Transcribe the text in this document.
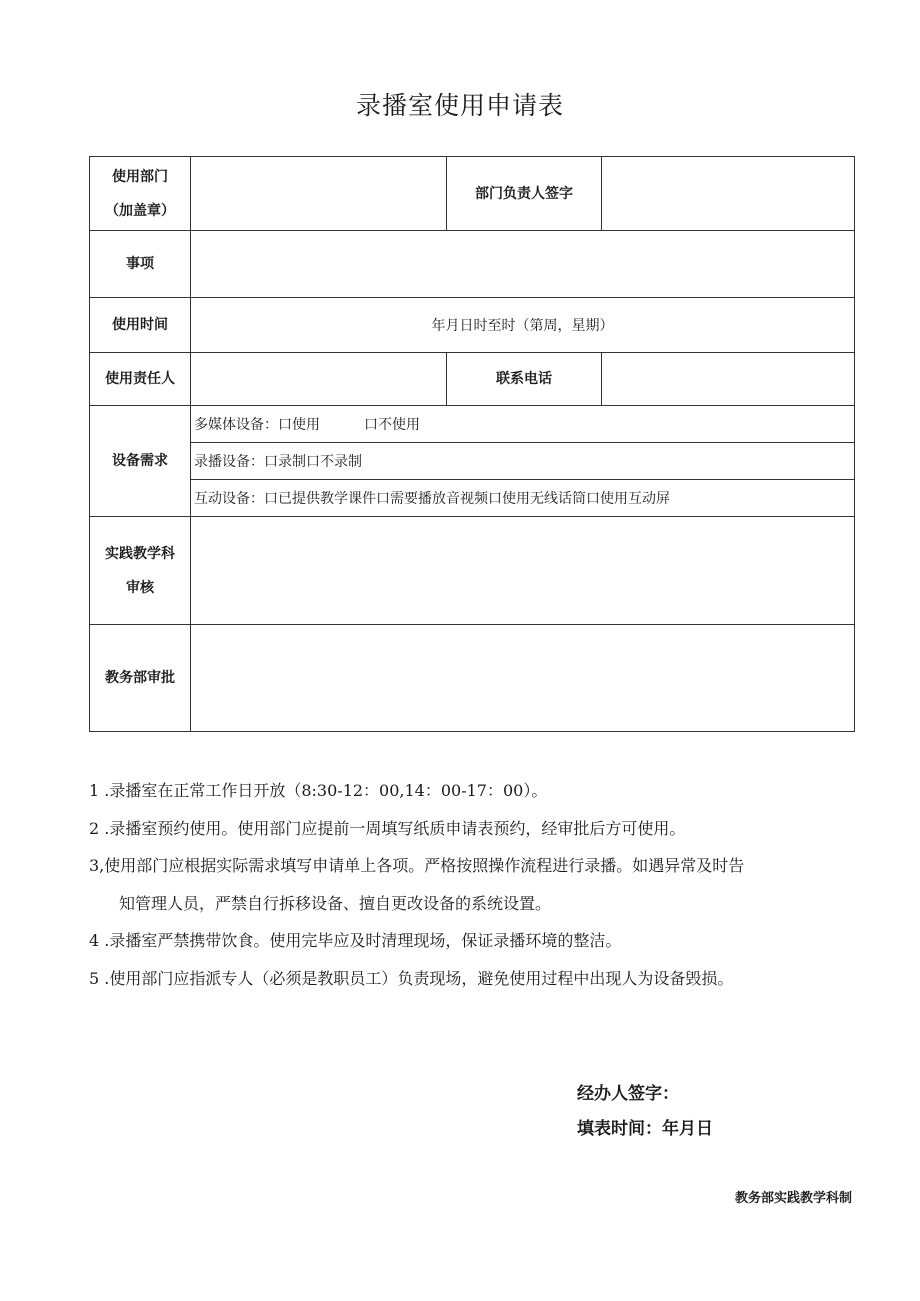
录播室使用申请表
使用部门
（加盖章）		部门负责人签字	
事项			
使用时间	年月日时至时（第周，星期）		
使用责任人		联系电话	
设备需求	多媒体设备：口使用 口不使用		
	录播设备：口录制口不录制		
	互动设备：口已提供教学课件口需要播放音视频口使用无线话筒口使用互动屏		

实践教学科
审核			

教务部审批			
1 .录播室在正常工作日开放（8:30-12：00,14：00-17：00）。
2 .录播室预约使用。使用部门应提前一周填写纸质申请表预约，经审批后方可使用。
3,使用部门应根据实际需求填写申请单上各项。严格按照操作流程进行录播。如遇异常及时告
知管理人员，严禁自行拆移设备、擅自更改设备的系统设置。
4 .录播室严禁携带饮食。使用完毕应及时清理现场，保证录播环境的整洁。
5 .使用部门应指派专人（必须是教职员工）负责现场，避免使用过程中出现人为设备毁损。
经办人签字：
填表时间：年月日
教务部实践教学科制
